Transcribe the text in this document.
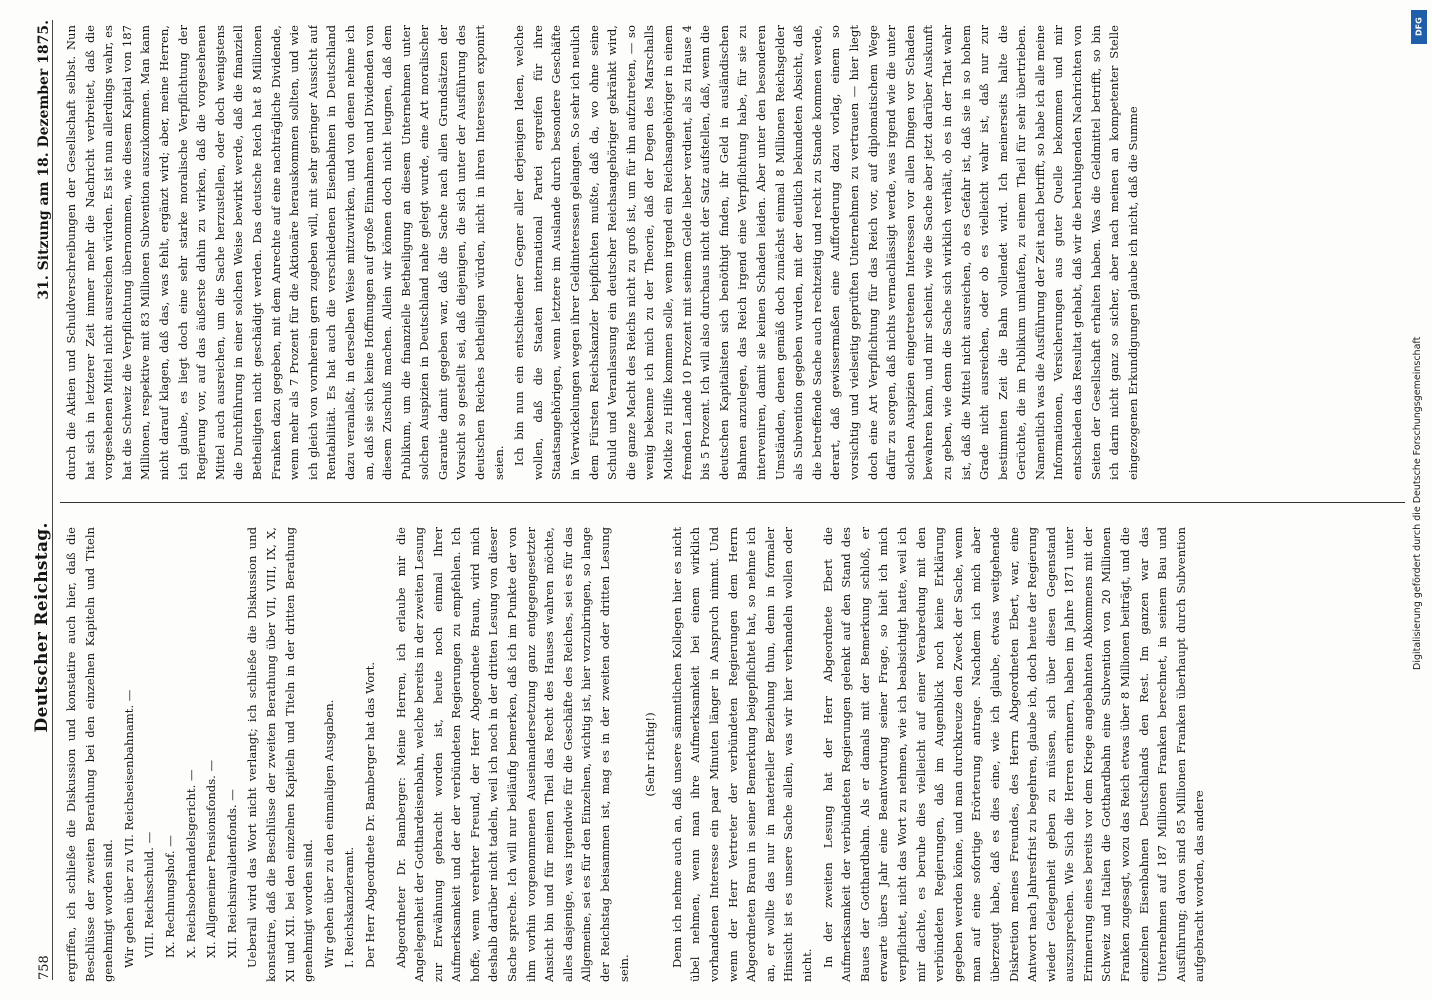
758
Deutscher Reichstag.
31. Sitzung am 18. Dezember 1875.

ergriffen, ich schließe die Diskussion und konstatire auch hier, daß die Beschlüsse der zweiten Berathung bei den einzelnen Kapiteln und Titeln genehmigt worden sind. Wir gehen über zu VII. Reichseisenbahnamt. — VIII. Reichsschuld. — IX. Rechnungshof. — X. Reichsoberhandelsgericht. — XI. Allgemeiner Pensionsfonds. — XII. Reichsinvalidenfonds. — Ueberall wird das Wort nicht verlangt; ich schließe die Diskussion und konstatire, daß die Beschlüsse der zweiten Berathung über VII, VIII, IX, X, XI und XII. bei den einzelnen Kapiteln und Titeln in der dritten Berathung genehmigt worden sind. Wir gehen über zu den einmaligen Ausgaben. I. Reichskanzleramt. Der Herr Abgeordnete Dr. Bamberger hat das Wort. Abgeordneter Dr. Bamberger: Meine Herren, ich erlaube mir die Angelegenheit der Gotthardeisenbahn, welche bereits in der zweiten Lesung zur Erwähnung gebracht worden ist, heute noch einmal Ihrer Aufmerksamkeit und der der verbündeten Regierungen zu empfehlen. Ich hoffe, wenn verehrter Freund, der Herr Abgeordnete Braun, wird mich deshalb darüber nicht tadeln, weil ich noch in der dritten Lesung von dieser Sache spreche. Ich will nur beiläufig bemerken, daß ich im Punkte der von ihm vorhin vorgenommenen Auseinandersetzung ganz entgegengesetzter Ansicht bin und für meinen Theil das Recht des Hauses wahren möchte, alles dasjenige, was irgendwie für die Geschäfte des Reiches, sei es für das Allgemeine, sei es für den Einzelnen, wichtig ist, hier vorzubringen, so lange der Reichstag beisammen ist, mag es in der zweiten oder dritten Lesung sein.

(Sehr richtig!) Denn ich nehme auch an, daß unsere sämmtlichen Kollegen hier es nicht übel nehmen, wenn man ihre Aufmerksamkeit bei einem wirklich vorhandenen Interesse ein paar Minuten länger in Anspruch nimmt. Und wenn der Herr Vertreter der verbündeten Regierungen dem Herrn Abgeordneten Braun in seiner Bemerkung beigepflichtet hat, so nehme ich an, er wollte das nur in materieller Beziehung thun, denn in formaler Hinsicht ist es unsere Sache allein, was wir hier verhandeln wollen oder nicht. In der zweiten Lesung hat der Herr Abgeordnete Ebert die Aufmerksamkeit der verbündeten Regierungen gelenkt auf den Stand des Baues der Gotthardbahn. Als er damals mit der Bemerkung schloß, er erwarte übers Jahr eine Beantwortung seiner Frage, so hielt ich mich verpflichtet, nicht das Wort zu nehmen, wie ich beabsichtigt hatte, weil ich mir dachte, es beruhe dies vielleicht auf einer Verabredung mit den verbündeten Regierungen, daß im Augenblick noch keine Erklärung gegeben werden könne, und man durchkreuze den Zweck der Sache, wenn man auf eine sofortige Erörterung antrage. Nachdem ich mich aber überzeugt habe, daß es dies eine, wie ich glaube, etwas weitgehende Diskretion meines Freundes, des Herrn Abgeordneten Ebert, war, eine Antwort nach Jahresfrist zu begehren, glaube ich, doch heute der Regierung wieder Gelegenheit geben zu müssen, sich über diesen Gegenstand auszusprechen. Wie Sich die Herren erinnern, haben im Jahre 1871 unter Erinnerung eines bereits vor dem Kriege angebahnten Abkommens mit der Schweiz und Italien die Gotthardbahn eine Subvention von 20 Millionen Franken zugesagt, wozu das Reich etwas über 8 Millionen beiträgt, und die einzelnen Eisenbahnen Deutschlands den Rest. Im ganzen war das Unternehmen auf 187 Millionen Franken berechnet, in seinem Bau und Ausführung; davon sind 85 Millionen Franken überhaupt durch Subvention aufgebracht worden, das andere

durch die Aktien und Schuldverschreibungen der Gesellschaft selbst. Nun hat sich in letzterer Zeit immer mehr die Nachricht verbreitet, daß die vorgesehenen Mittel nicht ausreichen würden. Es ist nun allerdings wahr, es hat die Schweiz die Verpflichtung übernommen, wie diesem Kapital von 187 Millionen, respektive mit 83 Millionen Subvention auszukommen. Man kann nicht darauf klagen, daß das, was fehlt, ergänzt wird; aber, meine Herren, ich glaube, es liegt doch eine sehr starke moralische Verpflichtung der Regierung vor, auf das äußerste dahin zu wirken, daß die vorgesehenen Mittel auch ausreichen, um die Sache herzustellen, oder doch wenigstens die Durchführung in einer solchen Weise bewirkt werde, daß die finanziell Betheiligten nicht geschädigt werden. Das deutsche Reich hat 8 Millionen Franken dazu gegeben, mit dem Anrechte auf eine nachträgliche Dividende, wenn mehr als 7 Prozent für die Aktionäre herauskommen sollten, und wie ich gleich von vornherein gern zugeben will, mit sehr geringer Aussicht auf Rentabilität. Es hat auch die verschiedenen Eisenbahnen in Deutschland dazu veranlaßt, in derselben Weise mitzuwirken, und von denen nehme ich an, daß sie sich keine Hoffnungen auf große Einnahmen und Dividenden von diesem Zuschuß machen. Allein wir können doch nicht leugnen, daß dem Publikum, um die finanzielle Betheiligung an diesem Unternehmen unter solchen Auspizien in Deutschland nahe gelegt wurde, eine Art moralischer Garantie damit gegeben war, daß die Sache nach allen Grundsätzen der Vorsicht so gestellt sei, daß diejenigen, die sich unter der Ausführung des deutschen Reiches betheiligen würden, nicht in ihren Interessen exponirt seien. Ich bin nun ein entschiedener Gegner aller derjenigen Ideen, welche wollen, daß die Staaten international Partei ergreifen für ihre Staatsangehörigen, wenn letztere im Auslande durch besondere Geschäfte in Verwickelungen wegen ihrer Geldinteressen gelangen. So sehr ich neulich dem Fürsten Reichskanzler beipflichten mußte, daß da, wo ohne seine Schuld und Veranlassung ein deutscher Reichsangehöriger gekränkt wird, die ganze Macht des Reichs nicht zu groß ist, um für ihn aufzutreten, — so wenig bekenne ich mich zu der Theorie, daß der Degen des Marschalls Moltke zu Hilfe kommen solle, wenn irgend ein Reichsangehöriger in einem fremden Lande 10 Prozent mit seinem Gelde lieber verdient, als zu Hause 4 bis 5 Prozent. Ich will also durchaus nicht der Satz aufstellen, daß, wenn die deutschen Kapitalisten sich benöthigt finden, ihr Geld in ausländischen Bahnen anzulegen, das Reich irgend eine Verpflichtung habe, für sie zu interveniren, damit sie keinen Schaden leiden. Aber unter den besonderen Umständen, denen gemäß doch zunächst einmal 8 Millionen Reichsgelder als Subvention gegeben wurden, mit der deutlich bekundeten Absicht, daß die betreffende Sache auch rechtzeitig und recht zu Stande kommen werde, derart, daß gewissermaßen eine Aufforderung dazu vorlag, einem so vorsichtig und vielseitig geprüften Unternehmen zu vertrauen — hier liegt doch eine Art Verpflichtung für das Reich vor, auf diplomatischem Wege dafür zu sorgen, daß nichts vernachlässigt werde, was irgend wie die unter solchen Auspizien eingetretenen Interessen vor allen Dingen vor Schaden bewahren kann, und mir scheint, wie die Sache aber jetzt darüber Auskunft zu geben, wie denn die Sache sich wirklich verhält, ob es in der That wahr ist, daß die Mittel nicht ausreichen, ob es Gefahr ist, daß sie in so hohem Grade nicht ausreichen, oder ob es vielleicht wahr ist, daß nur zur bestimmten Zeit die Bahn vollendet wird. Ich meinerseits halte die Gerüchte, die im Publikum umlaufen, zu einem Theil für sehr übertrieben. Namentlich was die Ausführung der Zeit nach betrifft, so habe ich alle meine Informationen, Versicherungen aus guter Quelle bekommen und mir entschieden das Resultat gehabt, daß wir die beruhigenden Nachrichten von Seiten der Gesellschaft erhalten haben. Was die Geldmittel betrifft, so bin ich darin nicht ganz so sicher, aber nach meinen an kompetenter Stelle eingezogenen Erkundigungen glaube ich nicht, daß die Summe

DFG
Digitalisierung gefördert durch die Deutsche Forschungsgemeinschaft
